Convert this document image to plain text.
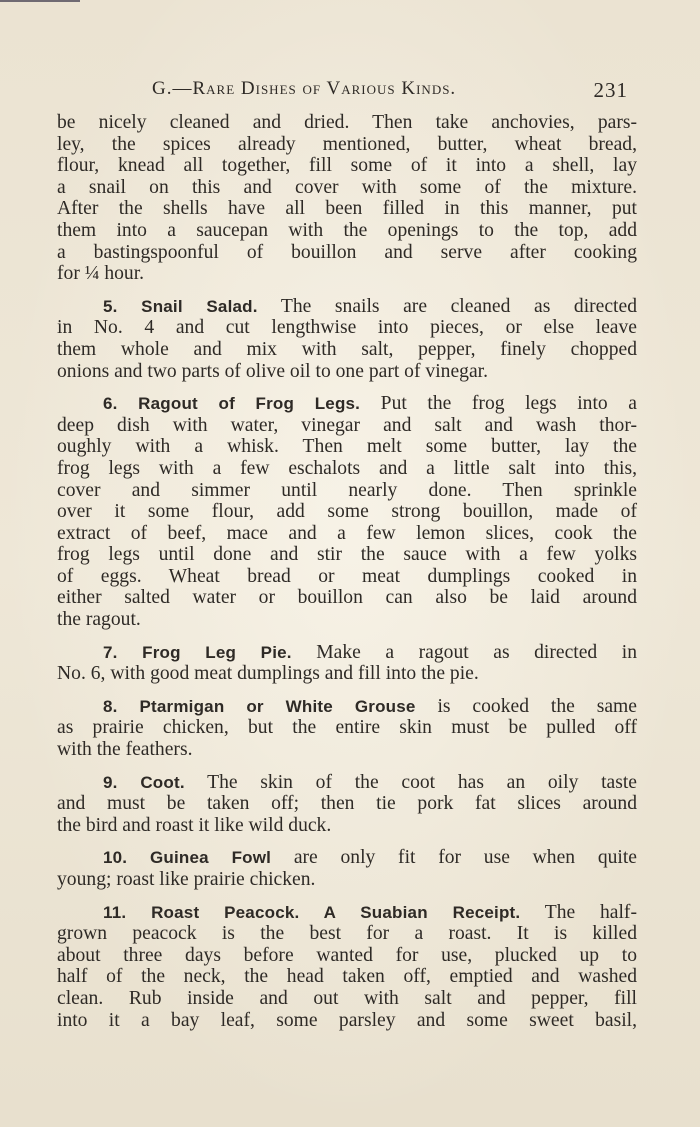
G.—Rare Dishes of Various Kinds.	231
be nicely cleaned and dried. Then take anchovies, pars-
ley, the spices already mentioned, butter, wheat bread,
flour, knead all together, fill some of it into a shell, lay
a snail on this and cover with some of the mixture.
After the shells have all been filled in this manner, put
them into a saucepan with the openings to the top, add
a bastingspoonful of bouillon and serve after cooking
for ¼ hour.
5. Snail Salad. The snails are cleaned as directed
in No. 4 and cut lengthwise into pieces, or else leave
them whole and mix with salt, pepper, finely chopped
onions and two parts of olive oil to one part of vinegar.
6. Ragout of Frog Legs. Put the frog legs into a
deep dish with water, vinegar and salt and wash thor-
oughly with a whisk. Then melt some butter, lay the
frog legs with a few eschalots and a little salt into this,
cover and simmer until nearly done. Then sprinkle
over it some flour, add some strong bouillon, made of
extract of beef, mace and a few lemon slices, cook the
frog legs until done and stir the sauce with a few yolks
of eggs. Wheat bread or meat dumplings cooked in
either salted water or bouillon can also be laid around
the ragout.
7. Frog Leg Pie. Make a ragout as directed in
No. 6, with good meat dumplings and fill into the pie.
8. Ptarmigan or White Grouse is cooked the same
as prairie chicken, but the entire skin must be pulled off
with the feathers.
9. Coot. The skin of the coot has an oily taste
and must be taken off; then tie pork fat slices around
the bird and roast it like wild duck.
10. Guinea Fowl are only fit for use when quite
young; roast like prairie chicken.
11. Roast Peacock. A Suabian Receipt. The half-
grown peacock is the best for a roast. It is killed
about three days before wanted for use, plucked up to
half of the neck, the head taken off, emptied and washed
clean. Rub inside and out with salt and pepper, fill
into it a bay leaf, some parsley and some sweet basil,
